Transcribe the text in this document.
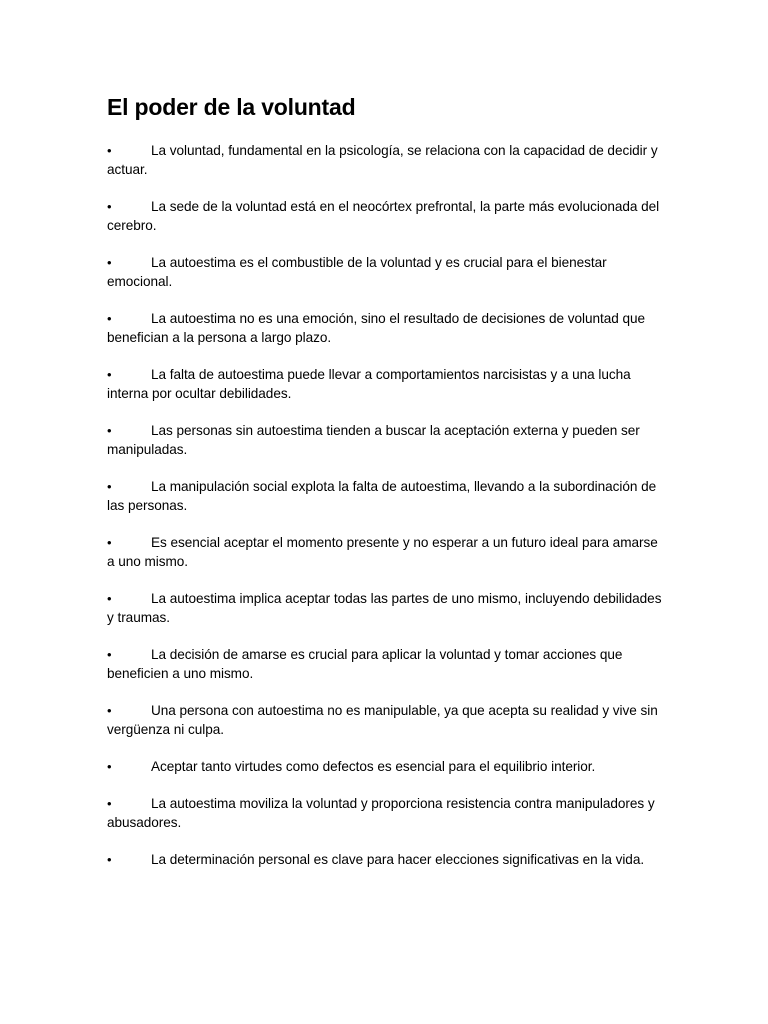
El poder de la voluntad
•	La voluntad, fundamental en la psicología, se relaciona con la capacidad de decidir y actuar.
•	La sede de la voluntad está en el neocórtex prefrontal, la parte más evolucionada del cerebro.
•	La autoestima es el combustible de la voluntad y es crucial para el bienestar emocional.
•	La autoestima no es una emoción, sino el resultado de decisiones de voluntad que benefician a la persona a largo plazo.
•	La falta de autoestima puede llevar a comportamientos narcisistas y a una lucha interna por ocultar debilidades.
•	Las personas sin autoestima tienden a buscar la aceptación externa y pueden ser manipuladas.
•	La manipulación social explota la falta de autoestima, llevando a la subordinación de las personas.
•	Es esencial aceptar el momento presente y no esperar a un futuro ideal para amarse a uno mismo.
•	La autoestima implica aceptar todas las partes de uno mismo, incluyendo debilidades y traumas.
•	La decisión de amarse es crucial para aplicar la voluntad y tomar acciones que beneficien a uno mismo.
•	Una persona con autoestima no es manipulable, ya que acepta su realidad y vive sin vergüenza ni culpa.
•	Aceptar tanto virtudes como defectos es esencial para el equilibrio interior.
•	La autoestima moviliza la voluntad y proporciona resistencia contra manipuladores y abusadores.
•	La determinación personal es clave para hacer elecciones significativas en la vida.
